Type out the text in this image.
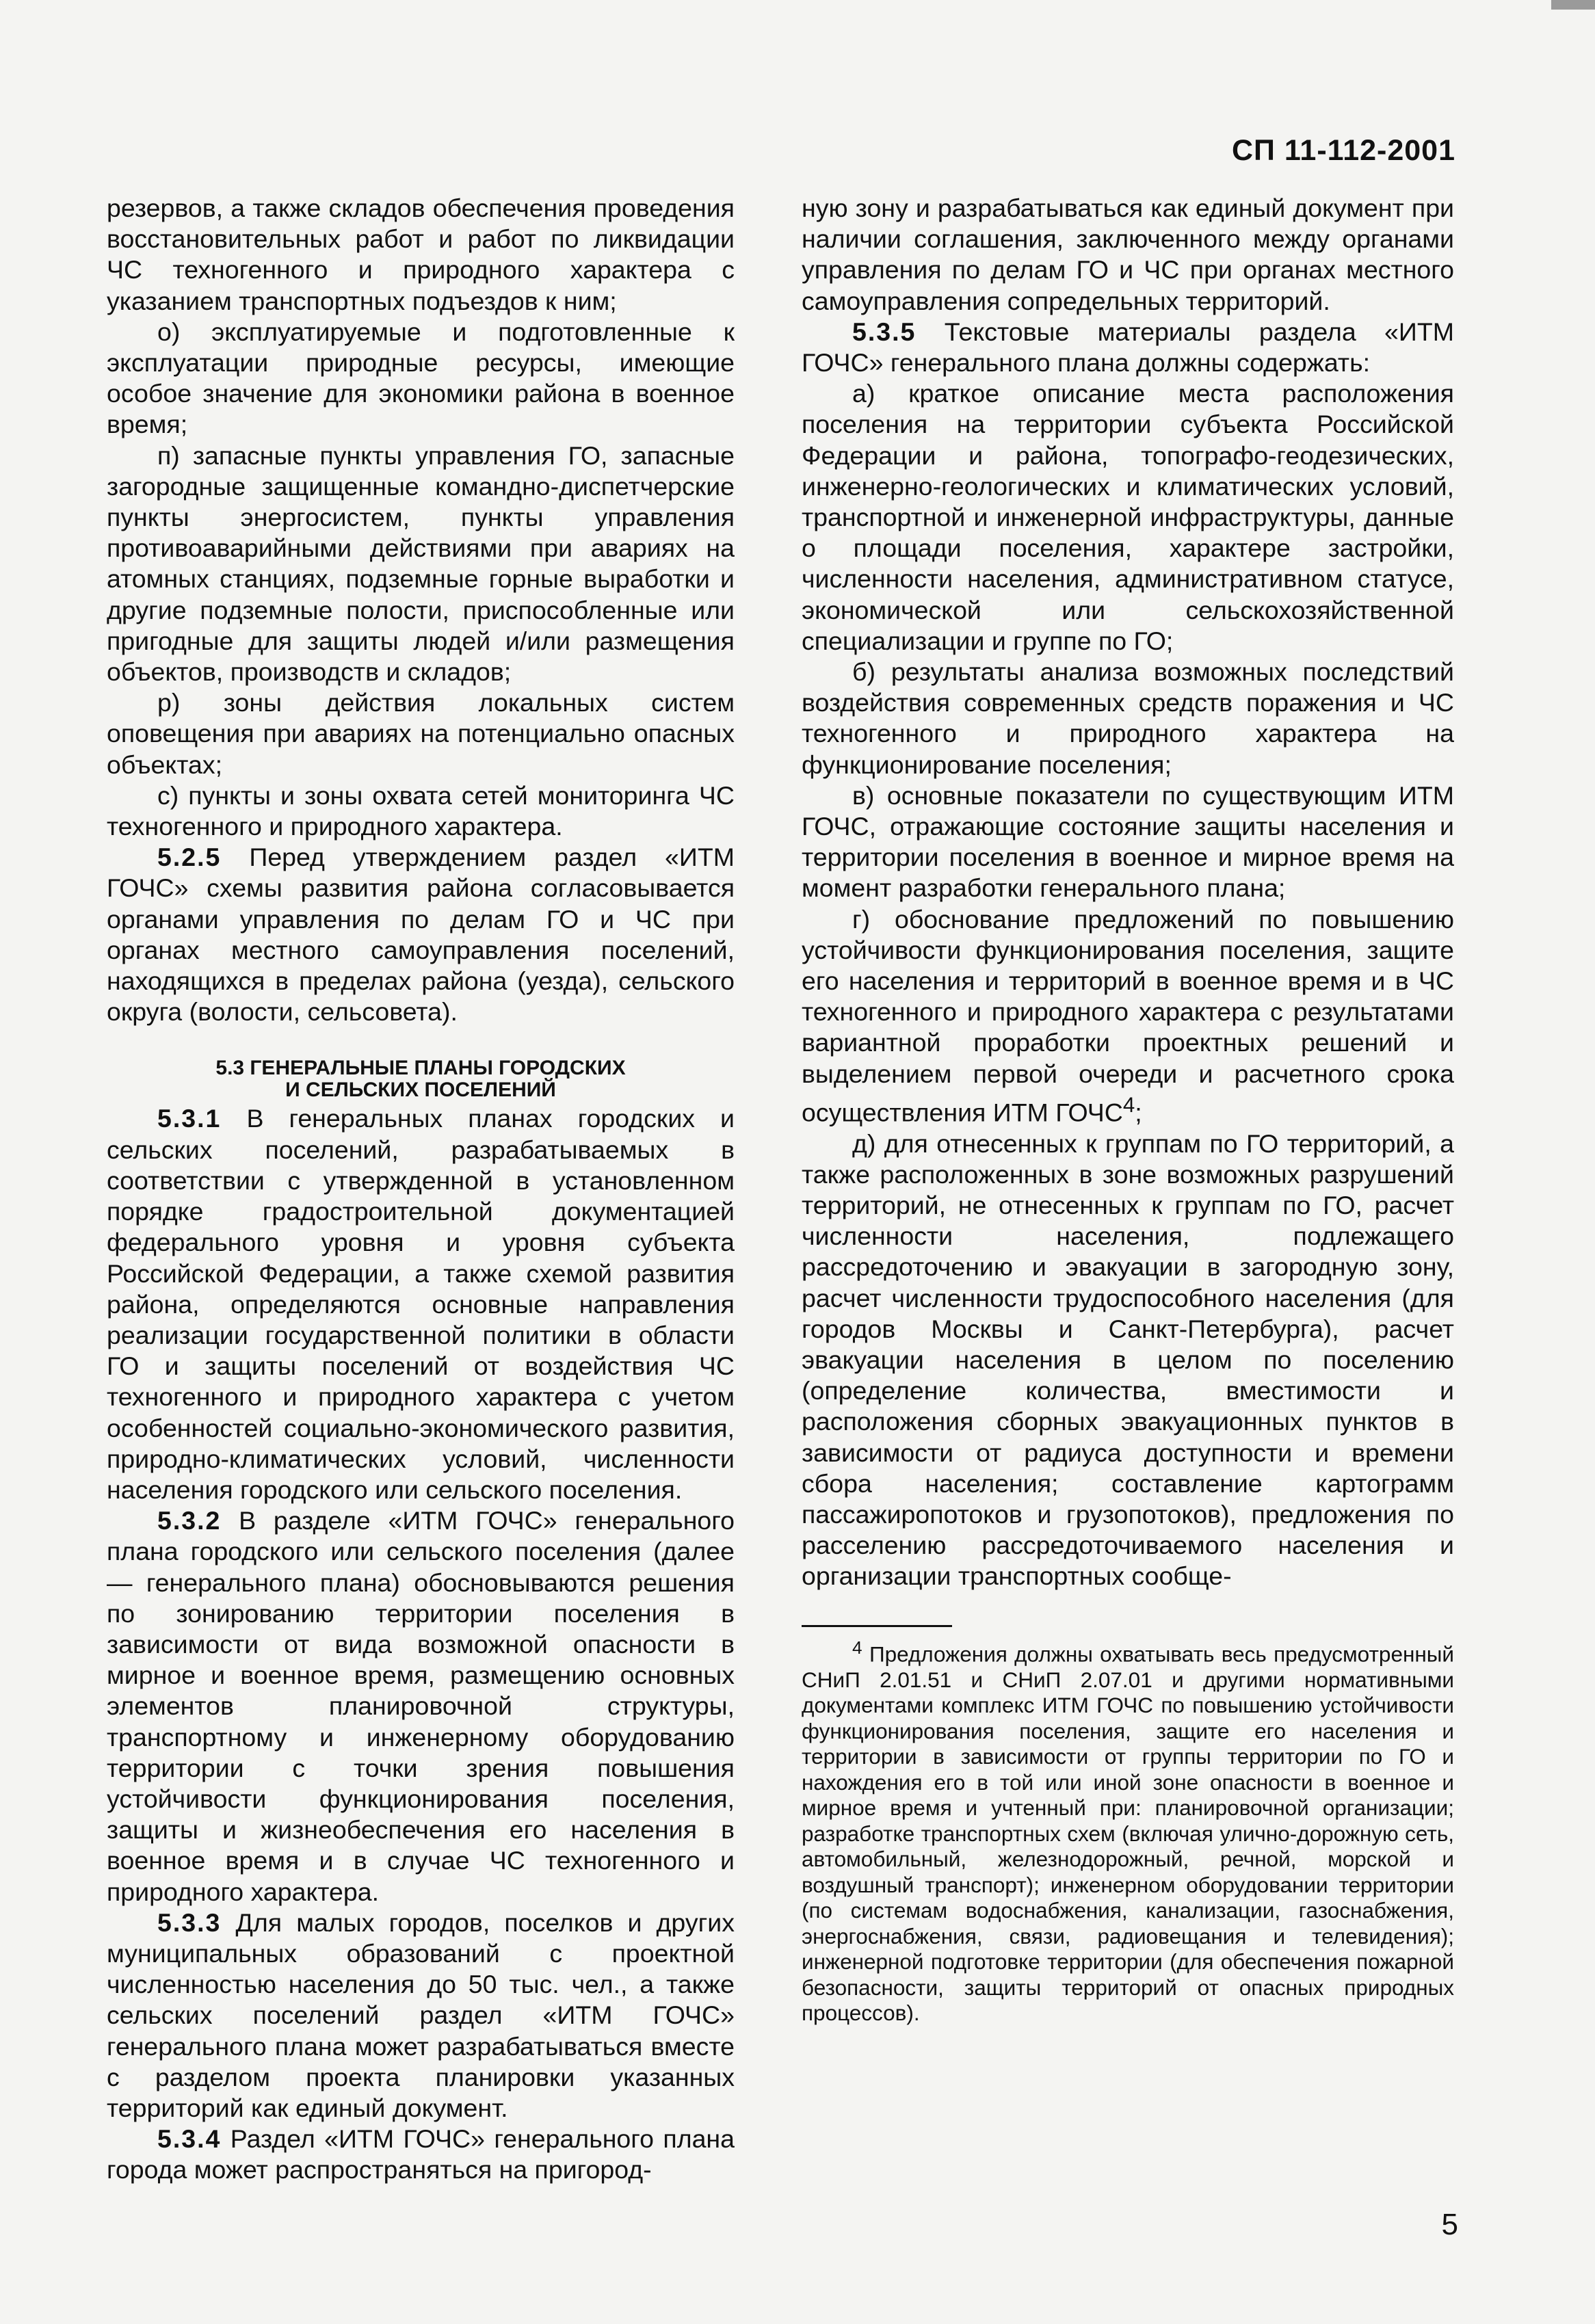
СП 11-112-2001

резервов, а также складов обеспечения проведения восстановительных работ и работ по ликвидации ЧС техногенного и природного характера с указанием транспортных подъездов к ним;

о) эксплуатируемые и подготовленные к эксплуатации природные ресурсы, имеющие особое значение для экономики района в военное время;

п) запасные пункты управления ГО, запасные загородные защищенные командно-диспетчерские пункты энергосистем, пункты управления противоаварийными действиями при авариях на атомных станциях, подземные горные выработки и другие подземные полости, приспособленные или пригодные для защиты людей и/или размещения объектов, производств и складов;

р) зоны действия локальных систем оповещения при авариях на потенциально опасных объектах;

с) пункты и зоны охвата сетей мониторинга ЧС техногенного и природного характера.

5.2.5 Перед утверждением раздел «ИТМ ГОЧС» схемы развития района согласовывается органами управления по делам ГО и ЧС при органах местного самоуправления поселений, находящихся в пределах района (уезда), сельского округа (волости, сельсовета).

5.3 ГЕНЕРАЛЬНЫЕ ПЛАНЫ ГОРОДСКИХ
И СЕЛЬСКИХ ПОСЕЛЕНИЙ

5.3.1 В генеральных планах городских и сельских поселений, разрабатываемых в соответствии с утвержденной в установленном порядке градостроительной документацией федерального уровня и уровня субъекта Российской Федерации, а также схемой развития района, определяются основные направления реализации государственной политики в области ГО и защиты поселений от воздействия ЧС техногенного и природного характера с учетом особенностей социально-экономического развития, природно-климатических условий, численности населения городского или сельского поселения.

5.3.2 В разделе «ИТМ ГОЧС» генерального плана городского или сельского поселения (далее — генерального плана) обосновываются решения по зонированию территории поселения в зависимости от вида возможной опасности в мирное и военное время, размещению основных элементов планировочной структуры, транспортному и инженерному оборудованию территории с точки зрения повышения устойчивости функционирования поселения, защиты и жизнеобеспечения его населения в военное время и в случае ЧС техногенного и природного характера.

5.3.3 Для малых городов, поселков и других муниципальных образований с проектной численностью населения до 50 тыс. чел., а также сельских поселений раздел «ИТМ ГОЧС» генерального плана может разрабатываться вместе с разделом проекта планировки указанных территорий как единый документ.

5.3.4 Раздел «ИТМ ГОЧС» генерального плана города может распространяться на пригород-

ную зону и разрабатываться как единый документ при наличии соглашения, заключенного между органами управления по делам ГО и ЧС при органах местного самоуправления сопредельных территорий.

5.3.5 Текстовые материалы раздела «ИТМ ГОЧС» генерального плана должны содержать:

а) краткое описание места расположения поселения на территории субъекта Российской Федерации и района, топографо-геодезических, инженерно-геологических и климатических условий, транспортной и инженерной инфраструктуры, данные о площади поселения, характере застройки, численности населения, административном статусе, экономической или сельскохозяйственной специализации и группе по ГО;

б) результаты анализа возможных последствий воздействия современных средств поражения и ЧС техногенного и природного характера на функционирование поселения;

в) основные показатели по существующим ИТМ ГОЧС, отражающие состояние защиты населения и территории поселения в военное и мирное время на момент разработки генерального плана;

г) обоснование предложений по повышению устойчивости функционирования поселения, защите его населения и территорий в военное время и в ЧС техногенного и природного характера с результатами вариантной проработки проектных решений и выделением первой очереди и расчетного срока осуществления ИТМ ГОЧС$^4$;

д) для отнесенных к группам по ГО территорий, а также расположенных в зоне возможных разрушений территорий, не отнесенных к группам по ГО, расчет численности населения, подлежащего рассредоточению и эвакуации в загородную зону, расчет численности трудоспособного населения (для городов Москвы и Санкт-Петербурга), расчет эвакуации населения в целом по поселению (определение количества, вместимости и расположения сборных эвакуационных пунктов в зависимости от радиуса доступности и времени сбора населения; составление картограмм пассажиропотоков и грузопотоков), предложения по расселению рассредоточиваемого населения и организации транспортных сообще-

$^4$ Предложения должны охватывать весь предусмотренный СНиП 2.01.51 и СНиП 2.07.01 и другими нормативными документами комплекс ИТМ ГОЧС по повышению устойчивости функционирования поселения, защите его населения и территории в зависимости от группы территории по ГО и нахождения его в той или иной зоне опасности в военное и мирное время и учтенный при: планировочной организации; разработке транспортных схем (включая улично-дорожную сеть, автомобильный, железнодорожный, речной, морской и воздушный транспорт); инженерном оборудовании территории (по системам водоснабжения, канализации, газоснабжения, энергоснабжения, связи, радиовещания и телевидения); инженерной подготовке территории (для обеспечения пожарной безопасности, защиты территорий от опасных природных процессов).

5
